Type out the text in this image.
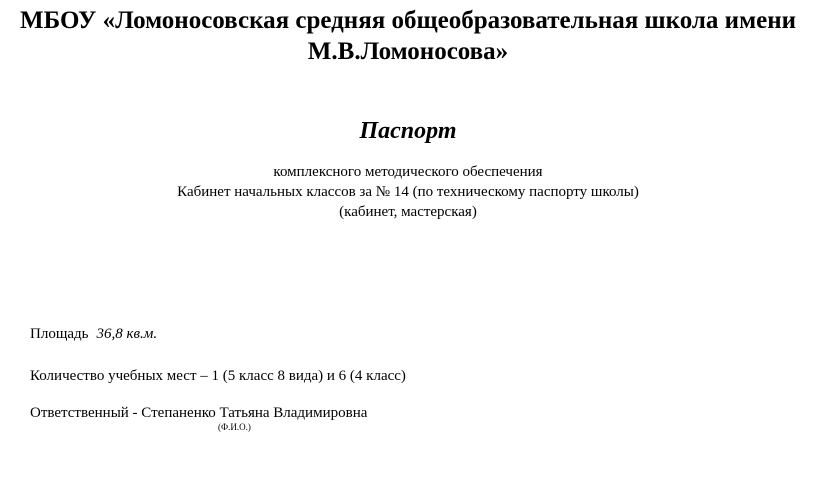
МБОУ «Ломоносовская средняя общеобразовательная школа имени
М.В.Ломоносова»
Паспорт
комплексного методического обеспечения
Кабинет начальных классов за № 14 (по техническому паспорту школы)
(кабинет, мастерская)
Площадь 36,8 кв.м.
Количество учебных мест – 1 (5 класс 8 вида) и 6 (4 класс)
Ответственный - Степаненко Татьяна Владимировна
(Ф.И.О.)
